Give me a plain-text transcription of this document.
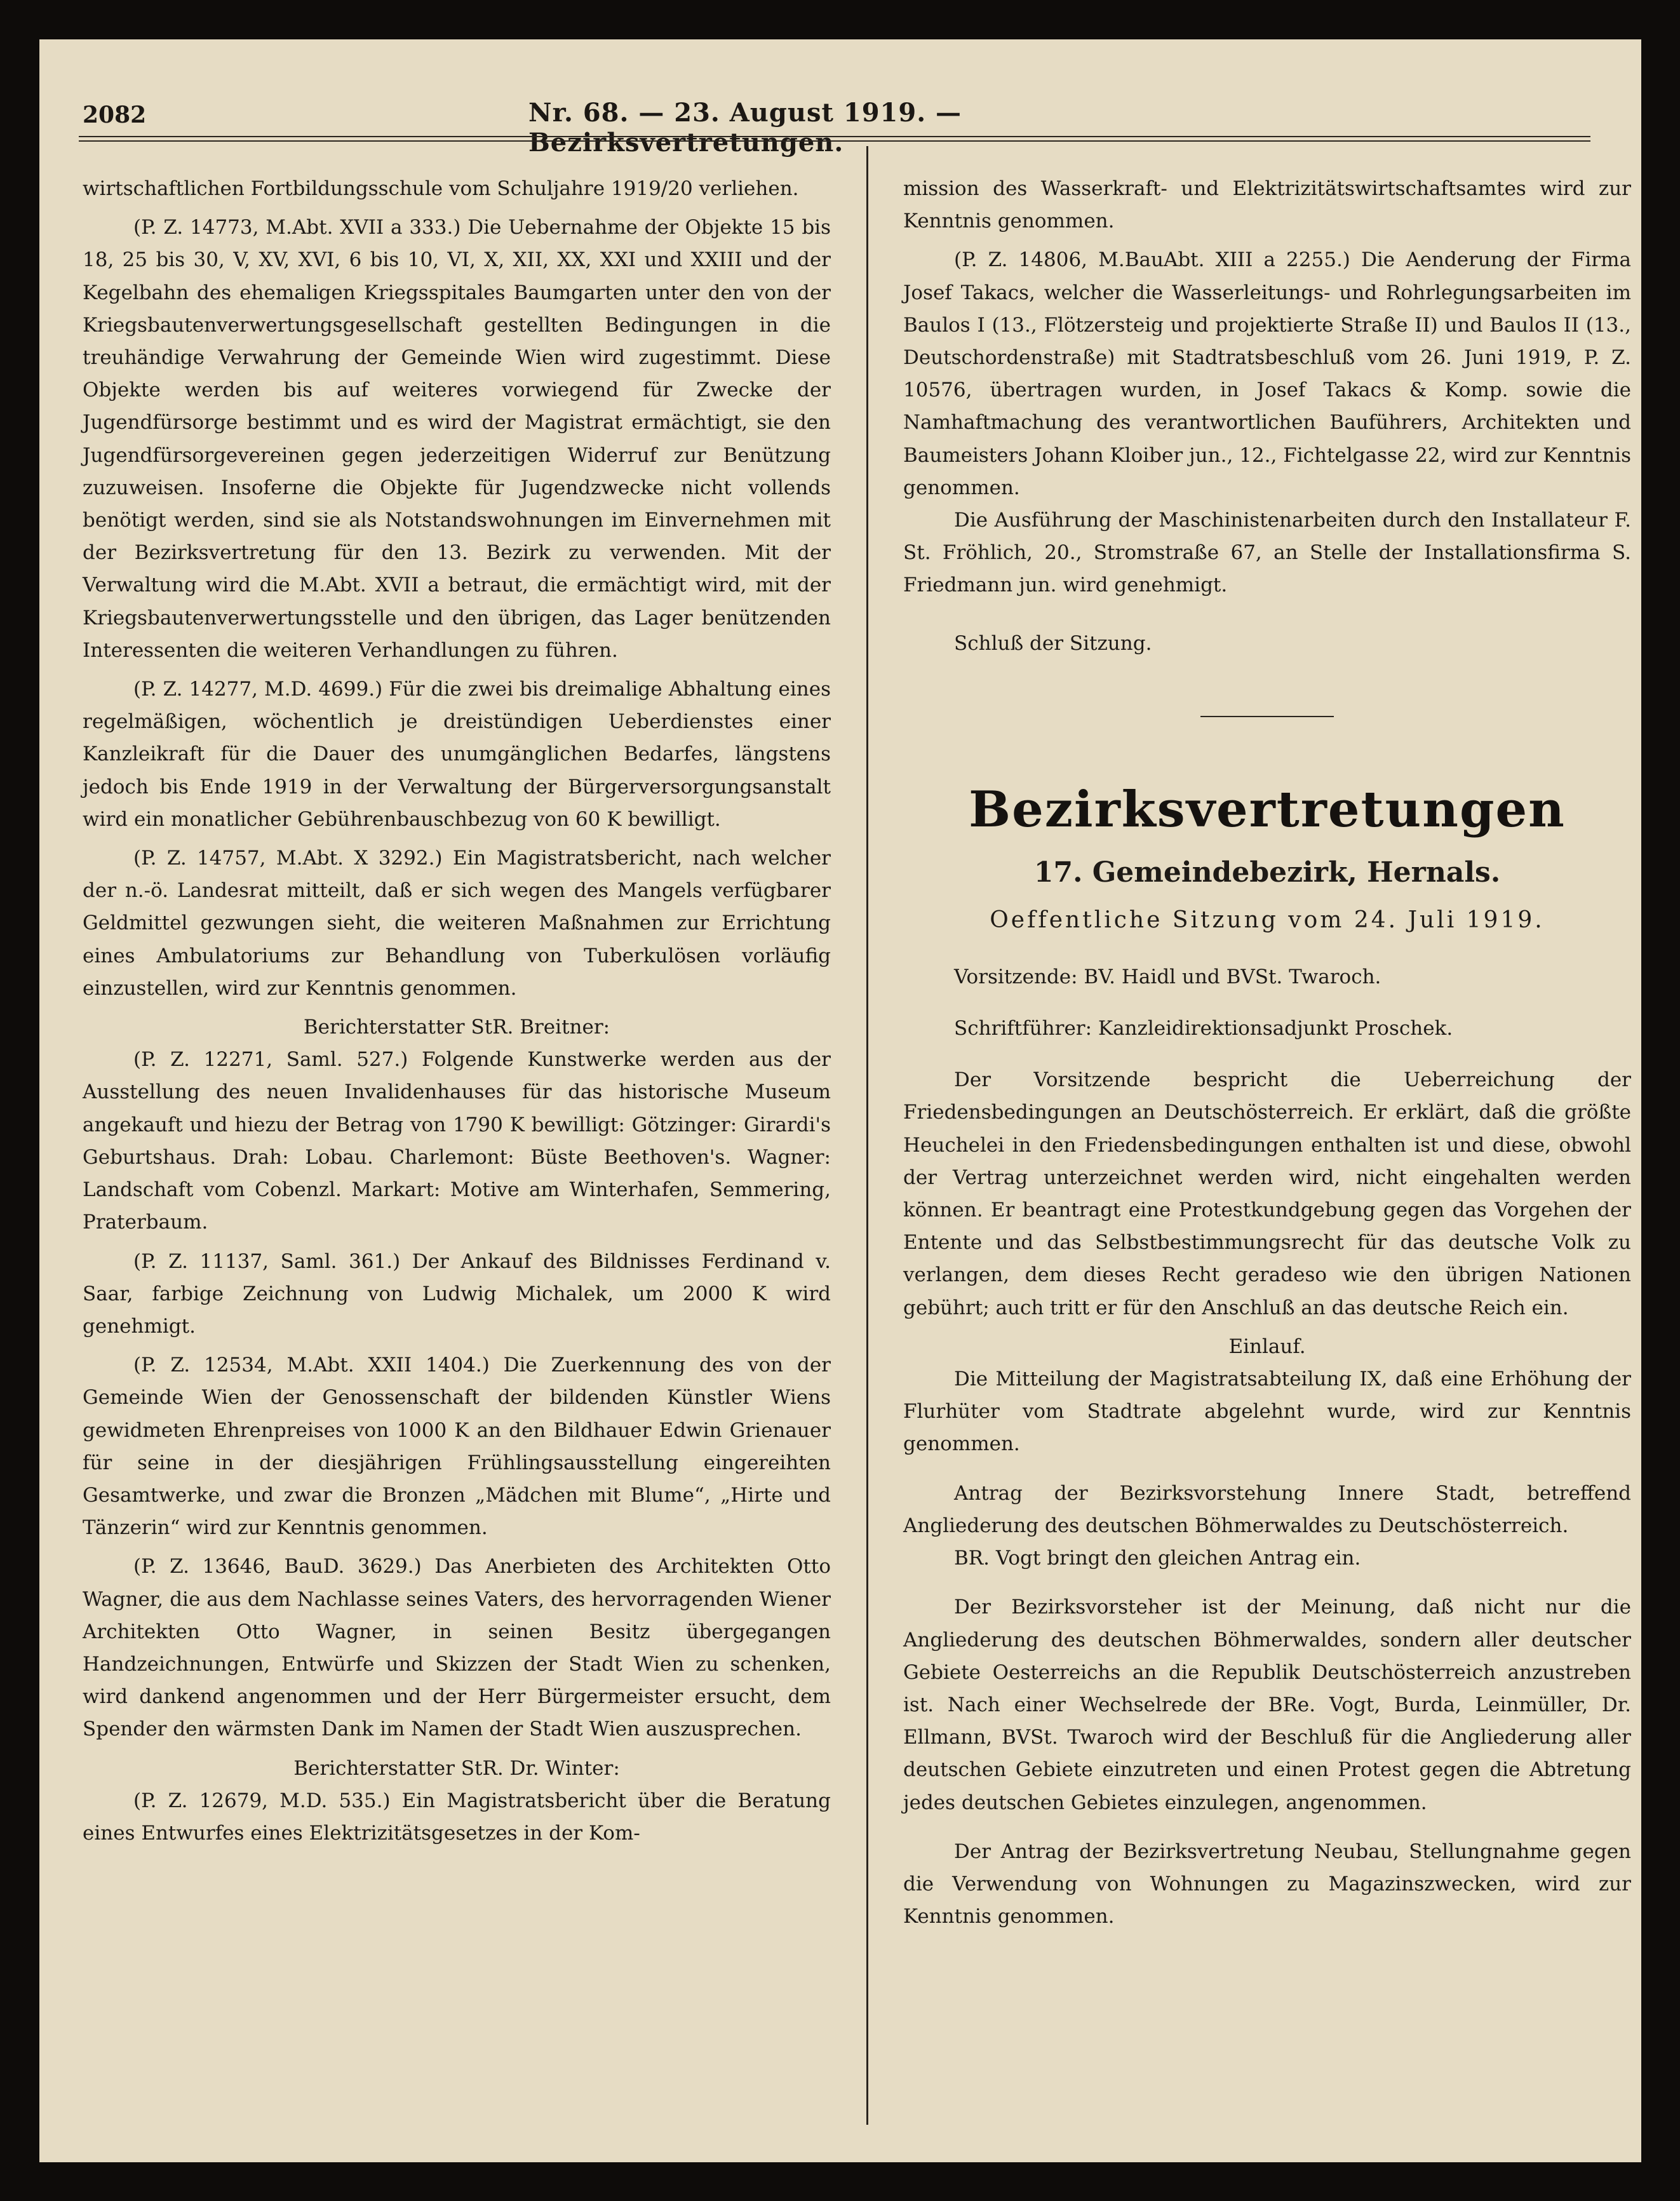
2082	Nr. 68. — 23. August 1919. — Bezirksvertretungen.

wirtschaftlichen Fortbildungsschule vom Schuljahre 1919/20 verliehen.

(P. Z. 14773, M.Abt. XVII a 333.) Die Uebernahme der Objekte 15 bis 18, 25 bis 30, V, XV, XVI, 6 bis 10, VI, X, XII, XX, XXI und XXIII und der Kegelbahn des ehemaligen Kriegsspitales Baumgarten unter den von der Kriegsbautenverwertungsgesellschaft gestellten Bedingungen in die treuhändige Verwahrung der Gemeinde Wien wird zugestimmt. Diese Objekte werden bis auf weiteres vorwiegend für Zwecke der Jugendfürsorge bestimmt und es wird der Magistrat ermächtigt, sie den Jugendfürsorgevereinen gegen jederzeitigen Widerruf zur Benützung zuzuweisen. Insoferne die Objekte für Jugendzwecke nicht vollends benötigt werden, sind sie als Notstandswohnungen im Einvernehmen mit der Bezirksvertretung für den 13. Bezirk zu verwenden. Mit der Verwaltung wird die M.Abt. XVII a betraut, die ermächtigt wird, mit der Kriegsbautenverwertungsstelle und den übrigen, das Lager benützenden Interessenten die weiteren Verhandlungen zu führen.

(P. Z. 14277, M.D. 4699.) Für die zwei bis dreimalige Abhaltung eines regelmäßigen, wöchentlich je dreistündigen Ueberdienstes einer Kanzleikraft für die Dauer des unumgänglichen Bedarfes, längstens jedoch bis Ende 1919 in der Verwaltung der Bürgerversorgungsanstalt wird ein monatlicher Gebührenbauschbezug von 60 K bewilligt.

(P. Z. 14757, M.Abt. X 3292.) Ein Magistratsbericht, nach welcher der n.-ö. Landesrat mitteilt, daß er sich wegen des Mangels verfügbarer Geldmittel gezwungen sieht, die weiteren Maßnahmen zur Errichtung eines Ambulatoriums zur Behandlung von Tuberkulösen vorläufig einzustellen, wird zur Kenntnis genommen.

Berichterstatter StR. Breitner:

(P. Z. 12271, Saml. 527.) Folgende Kunstwerke werden aus der Ausstellung des neuen Invalidenhauses für das historische Museum angekauft und hiezu der Betrag von 1790 K bewilligt: Götzinger: Girardi's Geburtshaus. Drah: Lobau. Charlemont: Büste Beethoven's. Wagner: Landschaft vom Cobenzl. Markart: Motive am Winterhafen, Semmering, Praterbaum.

(P. Z. 11137, Saml. 361.) Der Ankauf des Bildnisses Ferdinand v. Saar, farbige Zeichnung von Ludwig Michalek, um 2000 K wird genehmigt.

(P. Z. 12534, M.Abt. XXII 1404.) Die Zuerkennung des von der Gemeinde Wien der Genossenschaft der bildenden Künstler Wiens gewidmeten Ehrenpreises von 1000 K an den Bildhauer Edwin Grienauer für seine in der diesjährigen Frühlingsausstellung eingereihten Gesamtwerke, und zwar die Bronzen „Mädchen mit Blume“, „Hirte und Tänzerin“ wird zur Kenntnis genommen.

(P. Z. 13646, BauD. 3629.) Das Anerbieten des Architekten Otto Wagner, die aus dem Nachlasse seines Vaters, des hervorragenden Wiener Architekten Otto Wagner, in seinen Besitz übergegangen Handzeichnungen, Entwürfe und Skizzen der Stadt Wien zu schenken, wird dankend angenommen und der Herr Bürgermeister ersucht, dem Spender den wärmsten Dank im Namen der Stadt Wien auszusprechen.

Berichterstatter StR. Dr. Winter:

(P. Z. 12679, M.D. 535.) Ein Magistratsbericht über die Beratung eines Entwurfes eines Elektrizitätsgesetzes in der Kom-

mission des Wasserkraft- und Elektrizitätswirtschaftsamtes wird zur Kenntnis genommen.

(P. Z. 14806, M.BauAbt. XIII a 2255.) Die Aenderung der Firma Josef Takacs, welcher die Wasserleitungs- und Rohrlegungsarbeiten im Baulos I (13., Flötzersteig und projektierte Straße II) und Baulos II (13., Deutschordenstraße) mit Stadtratsbeschluß vom 26. Juni 1919, P. Z. 10576, übertragen wurden, in Josef Takacs & Komp. sowie die Namhaftmachung des verantwortlichen Bauführers, Architekten und Baumeisters Johann Kloiber jun., 12., Fichtelgasse 22, wird zur Kenntnis genommen.

Die Ausführung der Maschinistenarbeiten durch den Installateur F. St. Fröhlich, 20., Stromstraße 67, an Stelle der Installationsfirma S. Friedmann jun. wird genehmigt.

Schluß der Sitzung.

Bezirksvertretungen
17. Gemeindebezirk, Hernals.
Oeffentliche Sitzung vom 24. Juli 1919.

Vorsitzende: BV. Haidl und BVSt. Twaroch.

Schriftführer: Kanzleidirektionsadjunkt Proschek.

Der Vorsitzende bespricht die Ueberreichung der Friedensbedingungen an Deutschösterreich. Er erklärt, daß die größte Heuchelei in den Friedensbedingungen enthalten ist und diese, obwohl der Vertrag unterzeichnet werden wird, nicht eingehalten werden können. Er beantragt eine Protestkundgebung gegen das Vorgehen der Entente und das Selbstbestimmungsrecht für das deutsche Volk zu verlangen, dem dieses Recht geradeso wie den übrigen Nationen gebührt; auch tritt er für den Anschluß an das deutsche Reich ein.

Einlauf.

Die Mitteilung der Magistratsabteilung IX, daß eine Erhöhung der Flurhüter vom Stadtrate abgelehnt wurde, wird zur Kenntnis genommen.

Antrag der Bezirksvorstehung Innere Stadt, betreffend Angliederung des deutschen Böhmerwaldes zu Deutschösterreich.

BR. Vogt bringt den gleichen Antrag ein.

Der Bezirksvorsteher ist der Meinung, daß nicht nur die Angliederung des deutschen Böhmerwaldes, sondern aller deutscher Gebiete Oesterreichs an die Republik Deutschösterreich anzustreben ist. Nach einer Wechselrede der BRe. Vogt, Burda, Leinmüller, Dr. Ellmann, BVSt. Twaroch wird der Beschluß für die Angliederung aller deutschen Gebiete einzutreten und einen Protest gegen die Abtretung jedes deutschen Gebietes einzulegen, angenommen.

Der Antrag der Bezirksvertretung Neubau, Stellungnahme gegen die Verwendung von Wohnungen zu Magazinszwecken, wird zur Kenntnis genommen.
